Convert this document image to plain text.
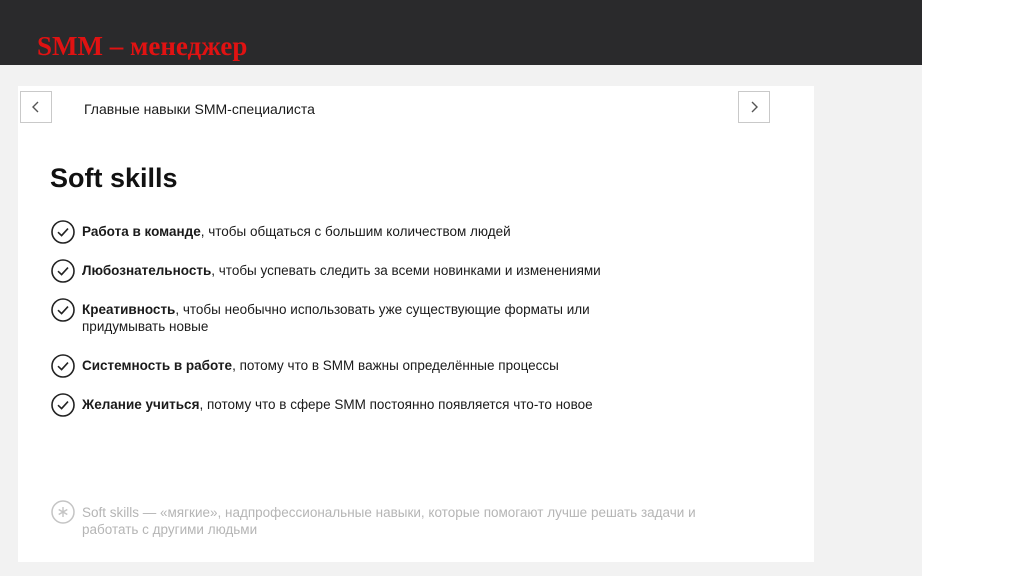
SMM – менеджер
Главные навыки SMM-специалиста
Soft skills
Работа в команде, чтобы общаться с большим количеством людей
Любознательность, чтобы успевать следить за всеми новинками и изменениями
Креативность, чтобы необычно использовать уже существующие форматы или придумывать новые
Системность в работе, потому что в SMM важны определённые процессы
Желание учиться, потому что в сфере SMM постоянно появляется что-то новое
Soft skills — «мягкие», надпрофессиональные навыки, которые помогают лучше решать задачи и работать с другими людьми
